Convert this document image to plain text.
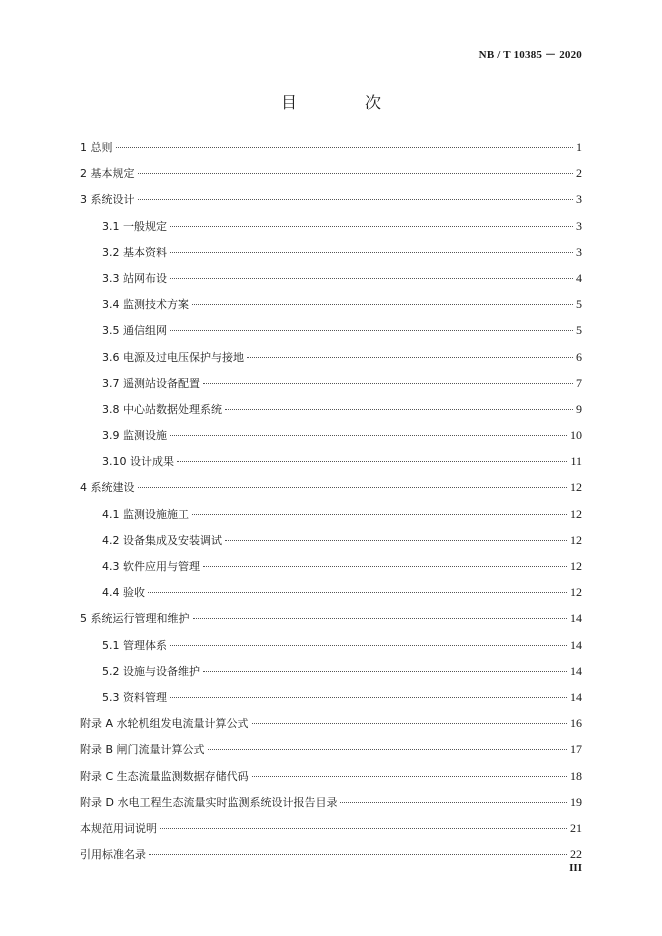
NB / T 10385 － 2020
目　次
1 总则	1
2 基本规定	2
3 系统设计	3
3.1 一般规定	3
3.2 基本资料	3
3.3 站网布设	4
3.4 监测技术方案	5
3.5 通信组网	5
3.6 电源及过电压保护与接地	6
3.7 遥测站设备配置	7
3.8 中心站数据处理系统	9
3.9 监测设施	10
3.10 设计成果	11
4 系统建设	12
4.1 监测设施施工	12
4.2 设备集成及安装调试	12
4.3 软件应用与管理	12
4.4 验收	12
5 系统运行管理和维护	14
5.1 管理体系	14
5.2 设施与设备维护	14
5.3 资料管理	14
附录 A 水轮机组发电流量计算公式	16
附录 B 闸门流量计算公式	17
附录 C 生态流量监测数据存储代码	18
附录 D 水电工程生态流量实时监测系统设计报告目录	19
本规范用词说明	21
引用标准名录	22
III
